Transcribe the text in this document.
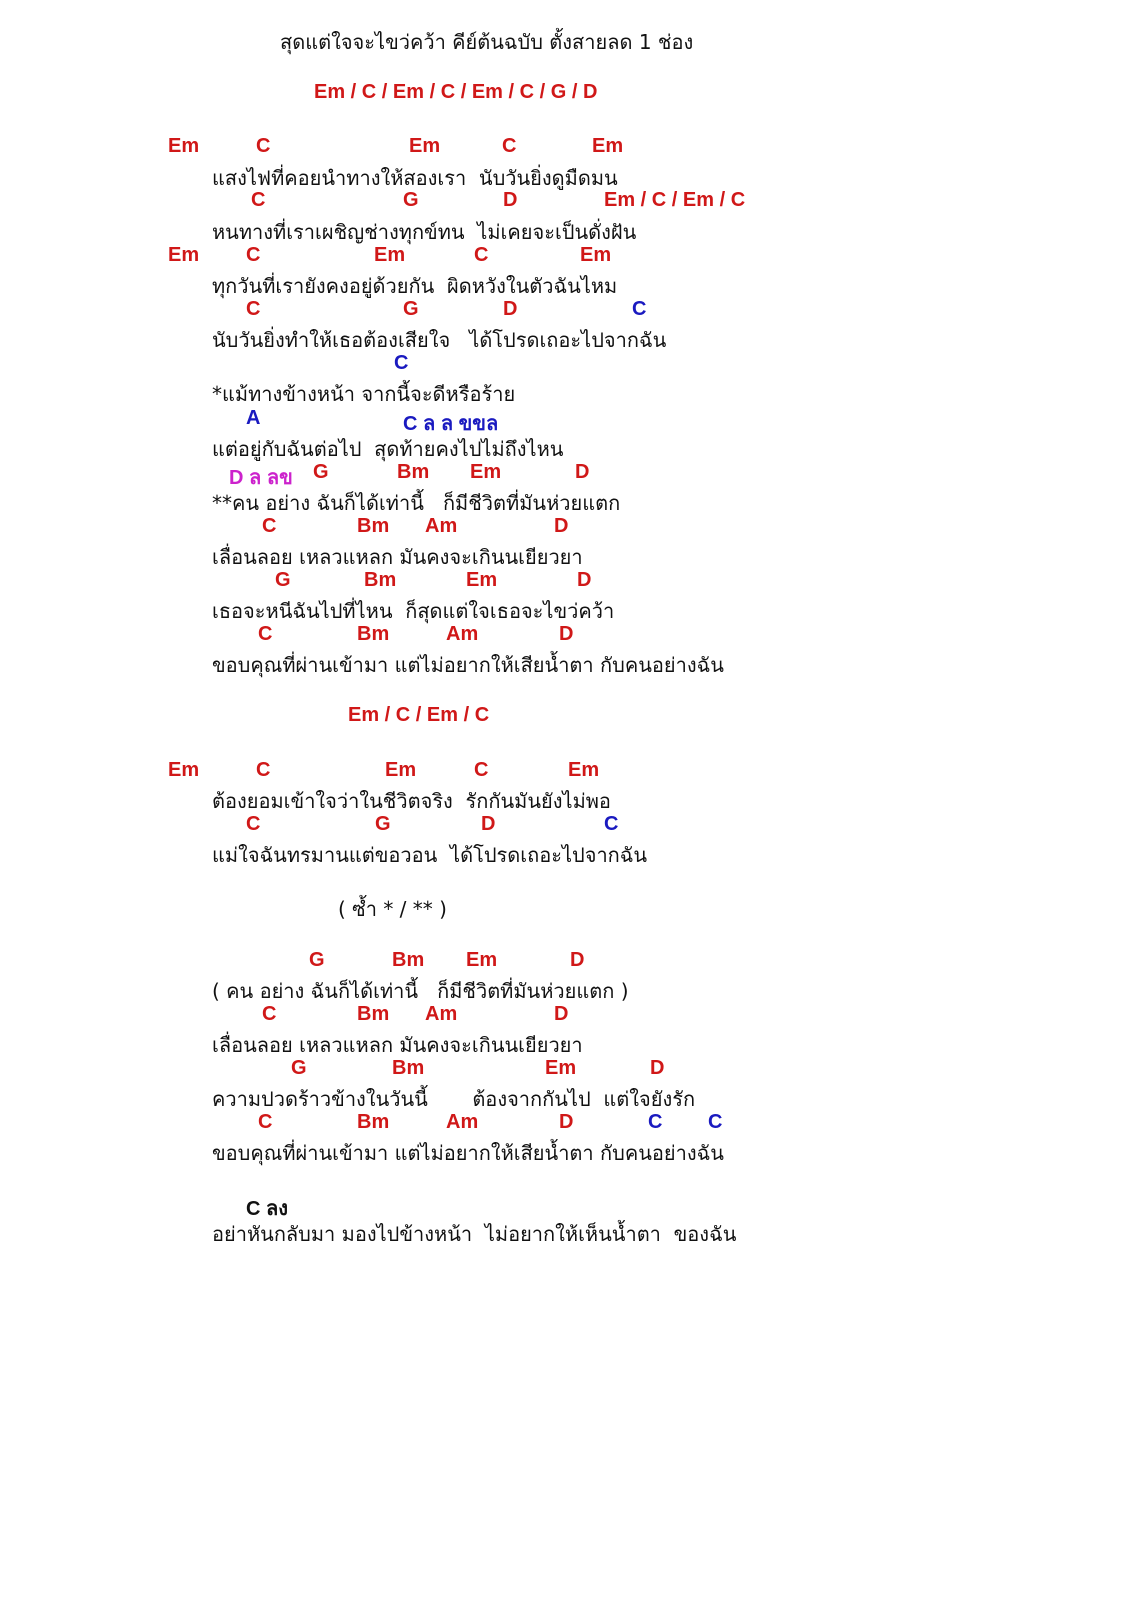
สุดแต่ใจจะไขว่คว้า คีย์ต้นฉบับ ตั้งสายลด 1 ช่อง
Em / C / Em / C / Em / C / G / D
Em	C	Em	C	Em
แสงไฟที่คอยนำทางให้สองเรา  นับวันยิ่งดูมืดมน
C	G	D	Em / C / Em / C
หนทางที่เราเผชิญช่างทุกข์ทน  ไม่เคยจะเป็นดั่งฝัน
Em C	Em	C	Em
ทุกวันที่เรายังคงอยู่ด้วยกัน  ผิดหวังในตัวฉันไหม
C	G	D	C
นับวันยิ่งทำให้เธอต้องเสียใจ   ได้โปรดเถอะไปจากฉัน
C
*แม้ทางข้างหน้า จากนี้จะดีหรือร้าย
A	C ล ล ขขล
แต่อยู่กับฉันต่อไป  สุดท้ายคงไปไม่ถึงไหน
D ล ลข G	Bm Em	D
**คน อย่าง ฉันก็ได้เท่านี้   ก็มีชีวิตที่มันห่วยแตก
C	Bm Am	D
เลื่อนลอย เหลวแหลก มันคงจะเกินนเยียวยา
G	Bm	Em	D
เธอจะหนีฉันไปที่ไหน  ก็สุดแต่ใจเธอจะไขว่คว้า
C	Bm	Am	D
ขอบคุณที่ผ่านเข้ามา แต่ไม่อยากให้เสียน้ำตา กับคนอย่างฉัน
Em / C / Em / C
Em	C	Em	C	Em
ต้องยอมเข้าใจว่าในชีวิตจริง  รักกันมันยังไม่พอ
C	G	D	C
แม่ใจฉันทรมานแต่ขอวอน  ได้โปรดเถอะไปจากฉัน
( ซ้ำ * / ** )
G	Bm Em	D
( คน อย่าง ฉันก็ได้เท่านี้   ก็มีชีวิตที่มันห่วยแตก )
C	Bm Am	D
เลื่อนลอย เหลวแหลก มันคงจะเกินนเยียวยา
G	Bm	Em	D
ความปวดร้าวข้างในวันนี้       ต้องจากกันไป  แต่ใจยังรัก
C	Bm	Am	D	C C
ขอบคุณที่ผ่านเข้ามา แต่ไม่อยากให้เสียน้ำตา กับคนอย่างฉัน
C ลง
อย่าหันกลับมา มองไปข้างหน้า  ไม่อยากให้เห็นน้ำตา  ของฉัน
